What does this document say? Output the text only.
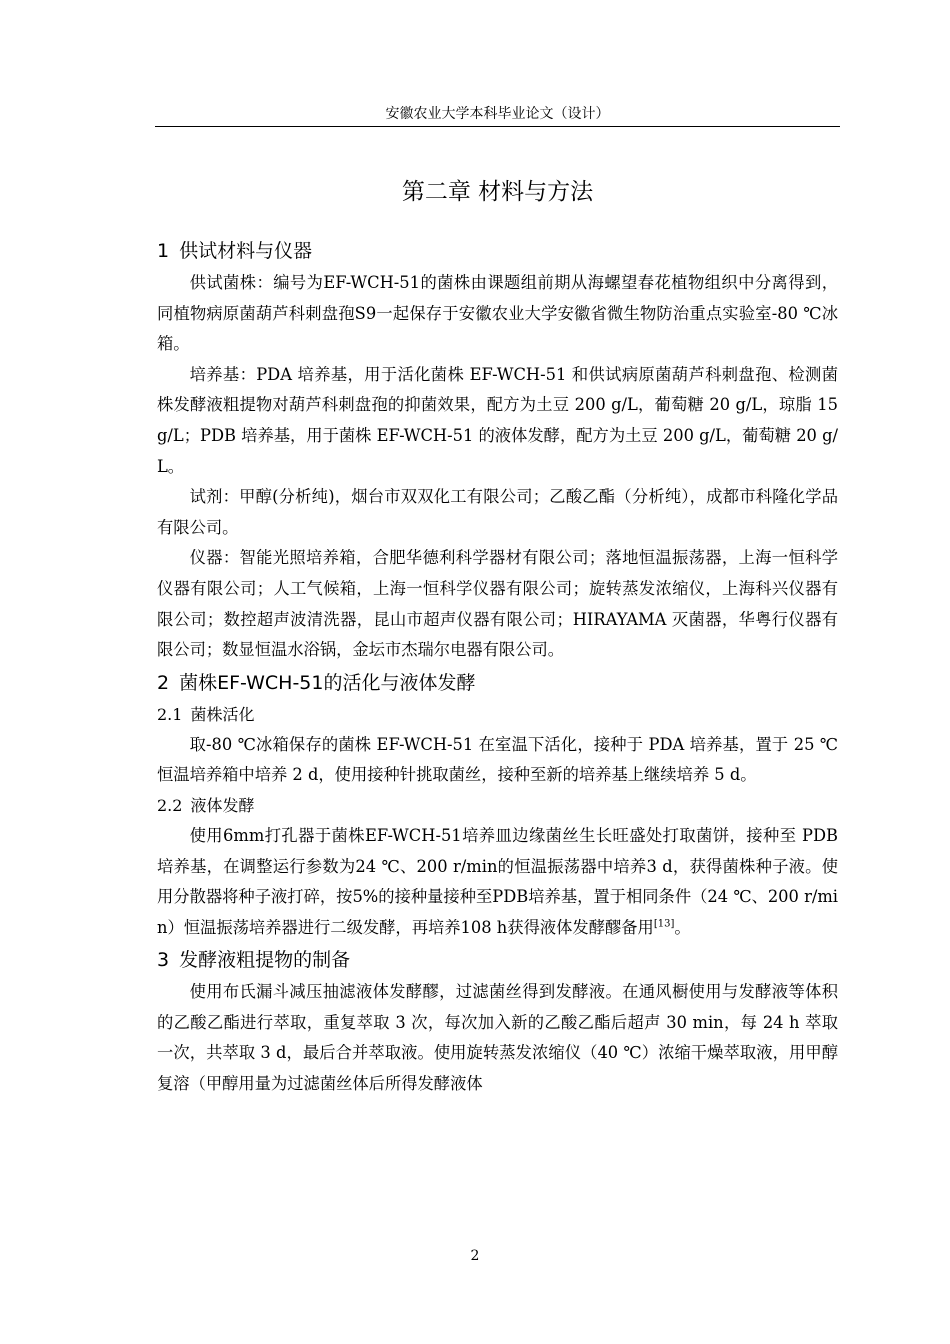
安徽农业大学本科毕业论文（设计）
第二章 材料与方法
1 供试材料与仪器

供试菌株：编号为EF-WCH-51的菌株由课题组前期从海螺望春花植物组织中分离得到，同植物病原菌葫芦科刺盘孢S9一起保存于安徽农业大学安徽省微生物防治重点实验室-80 ℃冰箱。

培养基：PDA 培养基，用于活化菌株 EF-WCH-51 和供试病原菌葫芦科刺盘孢、检测菌株发酵液粗提物对葫芦科刺盘孢的抑菌效果，配方为土豆 200 g/L，葡萄糖 20 g/L，琼脂 15 g/L；PDB 培养基，用于菌株 EF-WCH-51 的液体发酵，配方为土豆 200 g/L，葡萄糖 20 g/L。

试剂：甲醇(分析纯)，烟台市双双化工有限公司；乙酸乙酯（分析纯），成都市科隆化学品有限公司。

仪器：智能光照培养箱，合肥华德利科学器材有限公司；落地恒温振荡器，上海一恒科学仪器有限公司；人工气候箱，上海一恒科学仪器有限公司；旋转蒸发浓缩仪，上海科兴仪器有限公司；数控超声波清洗器，昆山市超声仪器有限公司；HIRAYAMA 灭菌器，华粤行仪器有限公司；数显恒温水浴锅，金坛市杰瑞尔电器有限公司。

2 菌株EF-WCH-51的活化与液体发酵
2.1 菌株活化

取-80 ℃冰箱保存的菌株 EF-WCH-51 在室温下活化，接种于 PDA 培养基，置于 25 ℃恒温培养箱中培养 2 d，使用接种针挑取菌丝，接种至新的培养基上继续培养 5 d。

2.2 液体发酵

使用6mm打孔器于菌株EF-WCH-51培养皿边缘菌丝生长旺盛处打取菌饼，接种至 PDB 培养基，在调整运行参数为24 ℃、200 r/min的恒温振荡器中培养3 d，获得菌株种子液。使用分散器将种子液打碎，按5%的接种量接种至PDB培养基，置于相同条件（24 ℃、200 r/min）恒温振荡培养器进行二级发酵，再培养108 h获得液体发酵醪备用[13]。

3 发酵液粗提物的制备

使用布氏漏斗减压抽滤液体发酵醪，过滤菌丝得到发酵液。在通风橱使用与发酵液等体积的乙酸乙酯进行萃取，重复萃取 3 次，每次加入新的乙酸乙酯后超声 30 min，每 24 h 萃取一次，共萃取 3 d，最后合并萃取液。使用旋转蒸发浓缩仪（40 ℃）浓缩干燥萃取液，用甲醇复溶（甲醇用量为过滤菌丝体后所得发酵液体

2
